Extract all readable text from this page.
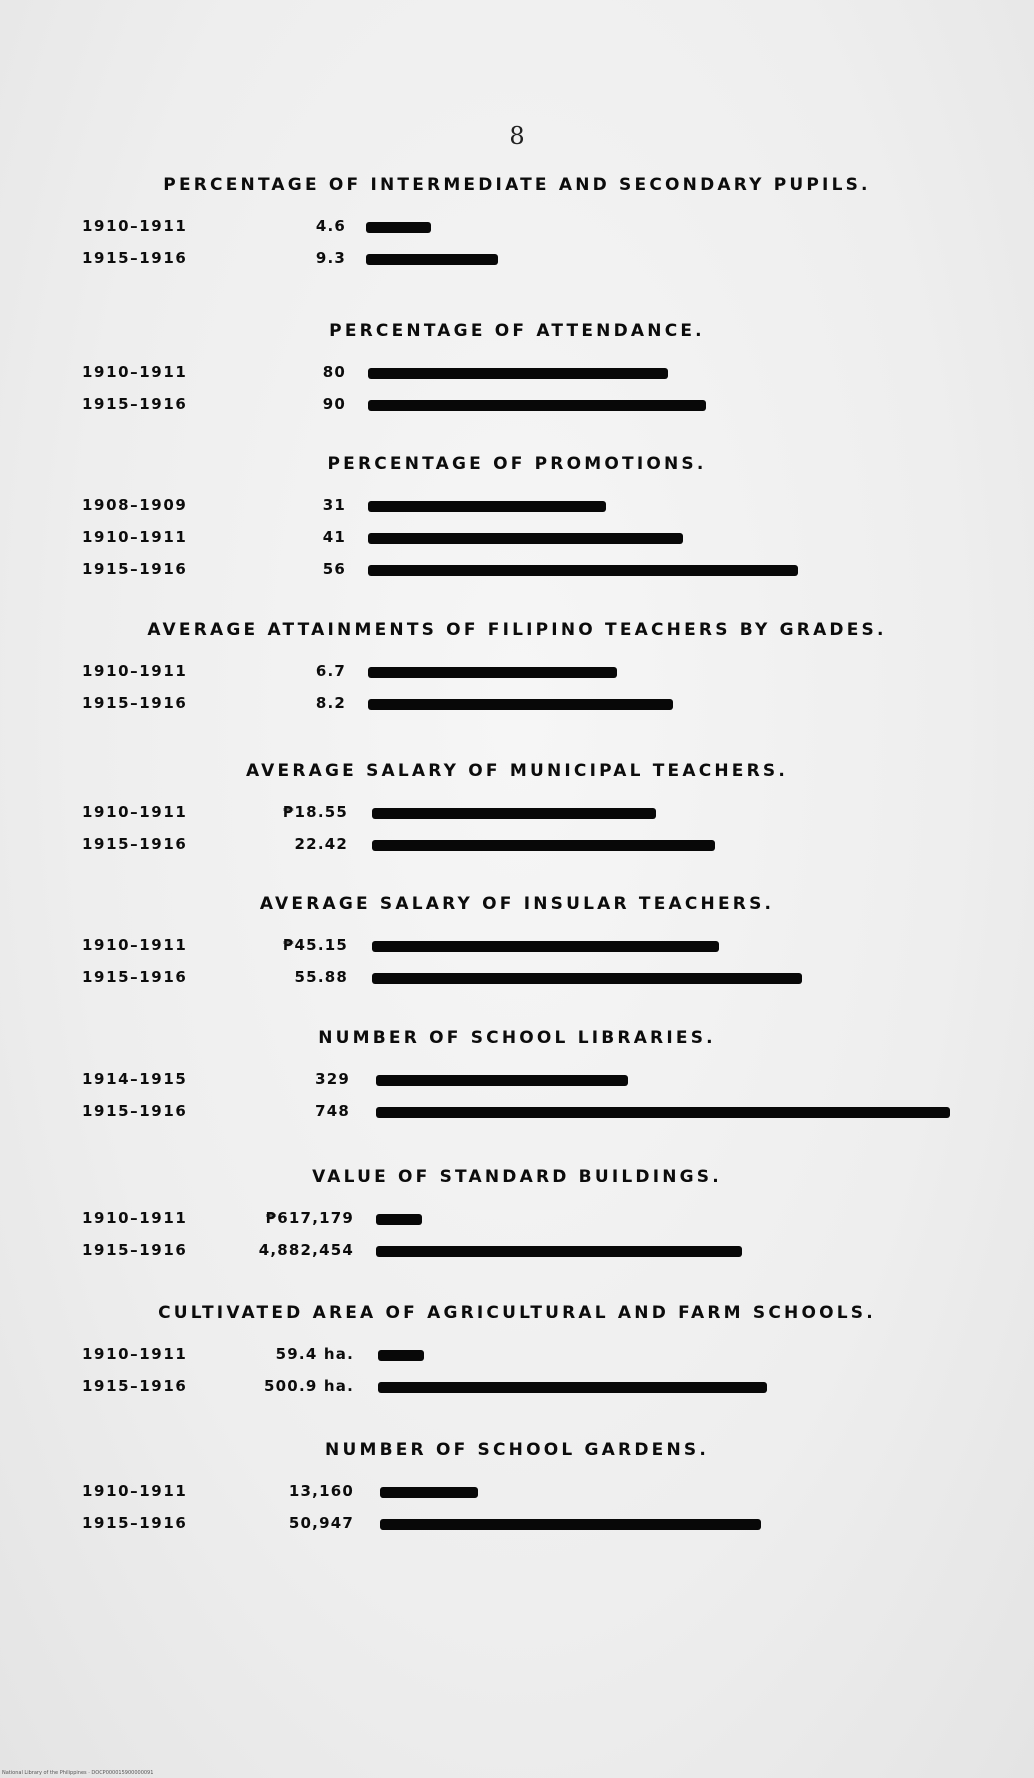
8
PERCENTAGE OF INTERMEDIATE AND SECONDARY PUPILS.
1910–1911	4.6
1915–1916	9.3
PERCENTAGE OF ATTENDANCE.
1910–1911	80
1915–1916	90
PERCENTAGE OF PROMOTIONS.
1908–1909	31
1910–1911	41
1915–1916	56
AVERAGE ATTAINMENTS OF FILIPINO TEACHERS BY GRADES.
1910–1911	6.7
1915–1916	8.2
AVERAGE SALARY OF MUNICIPAL TEACHERS.
1910–1911	₱18.55
1915–1916	22.42
AVERAGE SALARY OF INSULAR TEACHERS.
1910–1911	₱45.15
1915–1916	55.88
NUMBER OF SCHOOL LIBRARIES.
1914–1915	329
1915–1916	748
VALUE OF STANDARD BUILDINGS.
1910–1911	₱617,179
1915–1916	4,882,454
CULTIVATED AREA OF AGRICULTURAL AND FARM SCHOOLS.
1910–1911	59.4 ha.
1915–1916	500.9 ha.
NUMBER OF SCHOOL GARDENS.
1910–1911	13,160
1915–1916	50,947
National Library of the Philippines · DOCP000015900000091
